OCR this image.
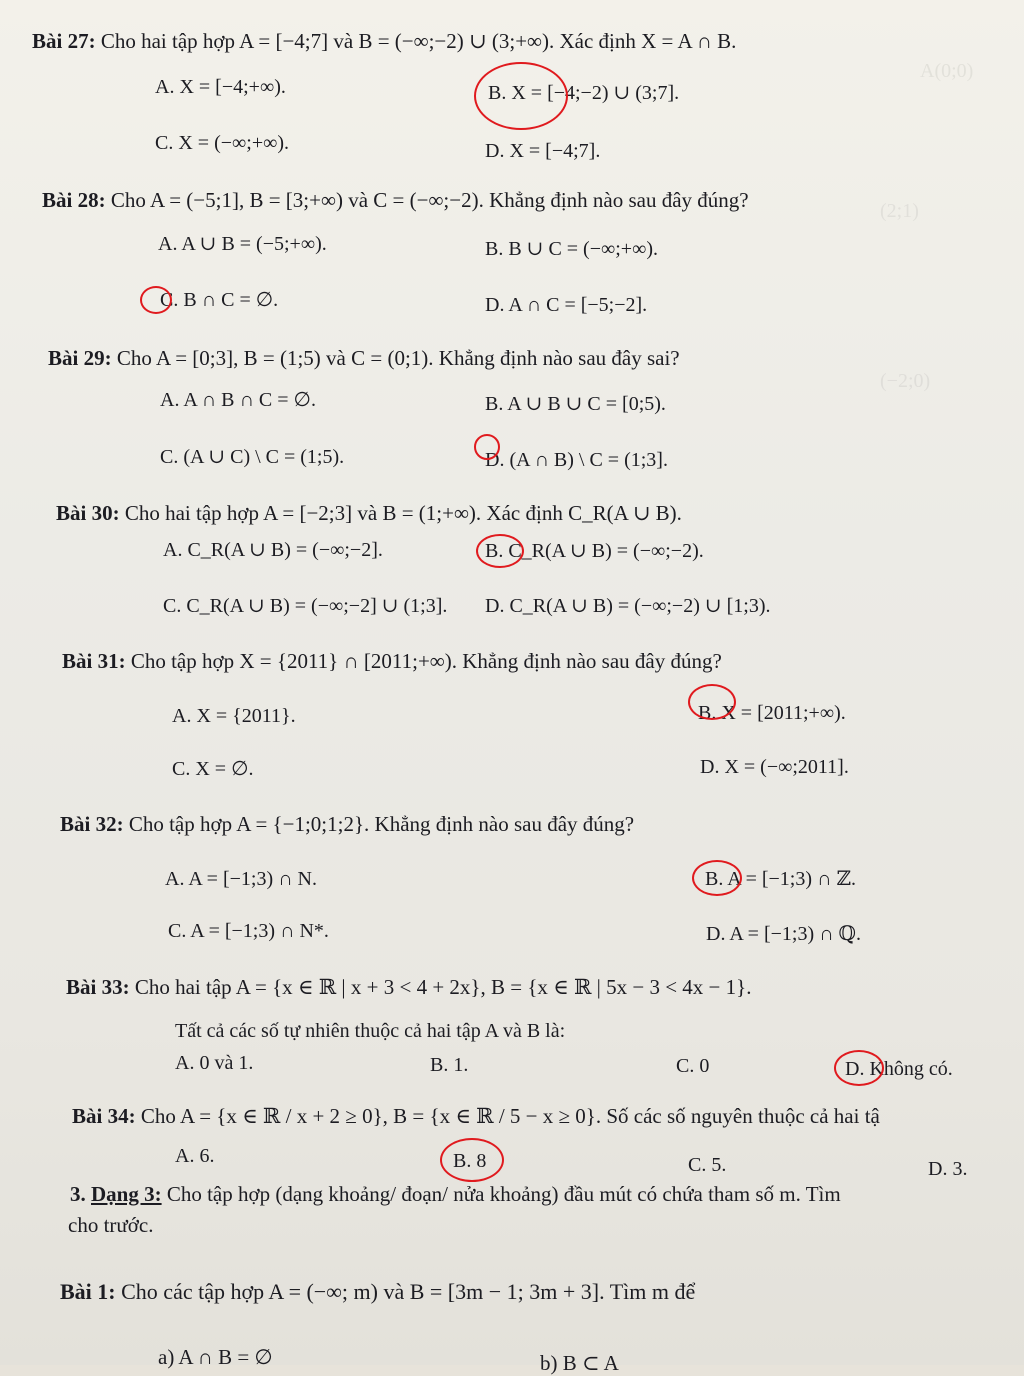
A(0;0)
(2;1)
(−2;0)
Bài 27: Cho hai tập hợp A = [−4;7] và B = (−∞;−2) ∪ (3;+∞). Xác định X = A ∩ B.
A. X = [−4;+∞).	B. X = [−4;−2) ∪ (3;7].
C. X = (−∞;+∞).	D. X = [−4;7].
Bài 28: Cho A = (−5;1], B = [3;+∞) và C = (−∞;−2). Khẳng định nào sau đây đúng?
A. A ∪ B = (−5;+∞).	B. B ∪ C = (−∞;+∞).
C. B ∩ C = ∅.	D. A ∩ C = [−5;−2].
Bài 29: Cho A = [0;3], B = (1;5) và C = (0;1). Khẳng định nào sau đây sai?
A. A ∩ B ∩ C = ∅.	B. A ∪ B ∪ C = [0;5).
C. (A ∪ C) \ C = (1;5).	D. (A ∩ B) \ C = (1;3].
Bài 30: Cho hai tập hợp A = [−2;3] và B = (1;+∞). Xác định C_R(A ∪ B).
A. C_R(A ∪ B) = (−∞;−2].	B. C_R(A ∪ B) = (−∞;−2).
C. C_R(A ∪ B) = (−∞;−2] ∪ (1;3]. D. C_R(A ∪ B) = (−∞;−2) ∪ [1;3).
Bài 31: Cho tập hợp X = {2011} ∩ [2011;+∞). Khẳng định nào sau đây đúng?
A. X = {2011}.	B. X = [2011;+∞).
C. X = ∅.	D. X = (−∞;2011].
Bài 32: Cho tập hợp A = {−1;0;1;2}. Khẳng định nào sau đây đúng?
A. A = [−1;3) ∩ N.	B. A = [−1;3) ∩ ℤ.
C. A = [−1;3) ∩ N*.	D. A = [−1;3) ∩ ℚ.
Bài 33: Cho hai tập A = {x ∈ ℝ | x + 3 < 4 + 2x}, B = {x ∈ ℝ | 5x − 3 < 4x − 1}.
Tất cả các số tự nhiên thuộc cả hai tập A và B là:
A. 0 và 1.	B. 1.	C. 0	D. Không có.
Bài 34: Cho A = {x ∈ ℝ / x + 2 ≥ 0}, B = {x ∈ ℝ / 5 − x ≥ 0}. Số các số nguyên thuộc cả hai tậ
A. 6.	B. 8	C. 5.	D. 3.
3. Dạng 3: Cho tập hợp (dạng khoảng/ đoạn/ nửa khoảng) đầu mút có chứa tham số m. Tìm
cho trước.
Bài 1: Cho các tập hợp A = (−∞; m) và B = [3m − 1; 3m + 3]. Tìm m để
a) A ∩ B = ∅	b) B ⊂ A
